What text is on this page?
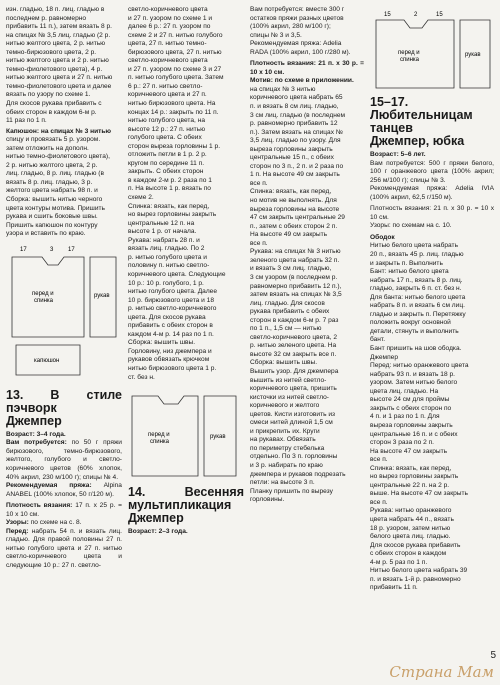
изн. гладью, 18 п. лиц. гладью в

последнем р. равномерно

прибавить 11 п.), затем вязать 8 р.

на спицах № 3,5 лиц. гладью (2 р.

нитью желтого цвета, 2 р. нитью

темно-бирюзового цвета, 2 р.

нитью желтого цвета и 2 р. нитью

темно-фиолетового цвета), 4 р.

нитью желтого цвета и 27 п. нитью

темно-фиолетового цвета и далее

вязать по узору по схеме 1.

Для скосов рукава прибавить с

обеих сторон в каждом 6-м р.

11 раз по 1 п.

Капюшон: на спицах № 3 нитью

спицу и провязать 5 р. узором.

затем отложить на дополн.

нитью темно-фиолетового цвета),

2 р. нитью желтого цвета, 2 р.

лиц. гладью, 8 р. лиц. гладью (в

вязать 8 р. лиц. гладью, 3 р.

желтого цвета набрать 98 п. и

Сборка: вышить нитью черного

цвета контуры мотива. Пришить

рукава и сшить боковые швы.

Пришить капюшон по контуру

узора и вставить по краю.

17	3 17
перед и
спинка
рукав
капюшон

13. В стиле пэчворк

Джемпер

Возраст: 3–4 года.

Вам потребуется: по 50 г пряжи бирюзового, темно-бирюзового, желтого, голубого и светло-коричневого цветов (60% хлопок, 40% акрил, 230 м/100 г); спицы № 4.

Рекомендуемая пряжа: Alpina ANABEL (100% хлопок, 50 г/120 м).

Плотность вязания: 17 п. x 25 р. = 10 x 10 см.

Узоры: по схеме на с. 8.

Перед: набрать 54 п. и вязать лиц. гладью. Для правой половины 27 п. нитью голубого цвета и 27 п. нитью светло-коричневого цвета и следующие 10 р.: 27 п. светло-

светло-коричневого цвета

и 27 п. узором по схеме 1 и

далее 6 р.: 27 п. узором по

схеме 2 и 27 п. нитью голубого

цвета, 27 п. нитью темно-

бирюзового цвета, 27 п. нитью

светло-коричневого цвета

и 27 п. узором по схеме 3 и 27

п. нитью голубого цвета. Затем

6 р.: 27 п. нитью светло-

коричневого цвета и 27 п.

нитью бирюзового цвета. На

концах 14 р.: закрыть по 11 п.

нитью голубого цвета, на

высоте 12 р.: 27 п. нитью

голубого цвета. С обеих

сторон выреза горловины 1 р.

отложить петли в 1 р. 2 р.

кругом по середине 11 п.

закрыть. С обеих сторон

в каждом 2-м р. 2 раза по 1

п. На высоте 1 р. вязать по

схеме 2.

Спинка: вязать, как перед,

но вырез горловины закрыть

центральные 12 п. на

высоте 1 р. от начала.

Рукава: набрать 28 п. и

вязать лиц. гладью. По 2

р. нитью голубого цвета и

половину п. нитью светло-

коричневого цвета. Следующие

10 р.: 10 р. голубого, 1 р.

нитью голубого цвета. Далее

10 р. бирюзового цвета и 18

р. нитью светло-коричневого

цвета. Для скосов рукава

прибавить с обеих сторон в

каждом 4-м р. 14 раз по 1 п.

Сборка: вышить швы.

Горловину, низ джемпера и

рукавов обвязать крючком

нитью бирюзового цвета 1 р.

ст. без н.

перед и
спинка
рукав

14. Весенняя мультипликация

Джемпер

Возраст: 2–3 года.

Вам потребуется: вместе 300 г

остатков пряжи разных цветов

(100% акрил, 280 м/100 г);

спицы № 3 и 3,5.

Рекомендуемая пряжа: Adelia

RADA (100% акрил, 100 г/280 м).

Плотность вязания: 21 п. x 30 р. = 10 x 10 см.

Мотив: по схеме в приложении.

на спицах № 3 нитью

коричневого цвета набрать 65

п. и вязать 8 см лиц. гладью,

3 см лиц. гладью (в последнем

р. равномерно прибавить 12

п.). Затем вязать на спицах №

3,5 лиц. гладью по узору. Для

выреза горловины закрыть

центральные 15 п., с обеих

сторон по 3 п., 2 п. и 2 раза по

1 п. На высоте 49 см закрыть

все п.

Спинка: вязать, как перед,

но мотив не выполнять. Для

выреза горловины на высоте

47 см закрыть центральные 29

п., затем с обеих сторон 2 п.

На высоте 49 см закрыть

все п.

Рукава: на спицах № 3 нитью

зеленого цвета набрать 32 п.

и вязать 3 см лиц. гладью,

3 см узором (в последнем р.

равномерно прибавить 12 п.),

затем вязать на спицах № 3,5

лиц. гладью. Для скосов

рукава прибавить с обеих

сторон в каждом 6-м р. 7 раз

по 1 п., 1,5 см — нитью

светло-коричневого цвета, 2

р. нитью зеленого цвета. На

высоте 32 см закрыть все п.

Сборка: вышить швы.

Вышить узор. Для джемпера

вышить из нитей светло-

коричневого цвета, пришить

кисточки из нитей светло-

коричневого и желтого

цветов. Кисти изготовить из

смеси нитей длиной 1,5 см

и прикрепить их. Круги

на рукавах. Обвязать

по периметру стебелька

отдельно. По 3 п. горловины

и 3 р. набирать по краю

джемпера и рукавов подрезать

петли: на высоте 3 п.

Планку пришить по вырезу

горловины.

15	2	15
перед и
спинка
рукав

15–17. Любительницам танцев

Джемпер, юбка

Возраст: 5–6 лет.

Вам потребуется: 500 г пряжи белого, 100 г оранжевого цвета (100% акрил; 256 м/100 г); спицы № 3.

Рекомендуемая пряжа: Adelia IVIA (100% акрил, 62,5 г/150 м).

Плотность вязания: 21 п. x 30 р. = 10 x 10 см.

Узоры: по схемам на с. 10.

Ободок

Нитью белого цвета набрать

20 п., вязать 45 р. лиц. гладью

и закрыть п. Выполнить

Бант: нитью белого цвета

набрать 17 п., вязать 8 р. лиц.

гладью, закрыть 6 п. ст. без н.

Для банта: нитью белого цвета

набрать 8 п. и вязать 6 см лиц.

гладью и закрыть п. Перетяжку

положить вокруг основной

детали, стянуть и выполнить

бант.

Бант пришить на шов ободка.

Джемпер

Перед: нитью оранжевого цвета

набрать 93 п. и вязать 18 р.

узором. Затем нитью белого

цвета лиц. гладью. На

высоте 24 см для проймы

закрыть с обеих сторон по

4 п. и 1 раз по 1 п. Для

выреза горловины закрыть

центральные 16 п. и с обеих

сторон 3 раза по 2 п.

На высоте 47 см закрыть

все п.

Спинка: вязать, как перед,

но вырез горловины закрыть

центральные 22 п. на 2 р.

выше. На высоте 47 см закрыть

все п.

Рукава: нитью оранжевого

цвета набрать 44 п., вязать

18 р. узором, затем нитью

белого цвета лиц. гладью.

Для скосов рукава прибавить

с обеих сторон в каждом

4-м р. 5 раз по 1 п.

Нитью белого цвета набрать 39

п. и вязать 1-й р. равномерно

прибавить 11 п.

5
Страна Мам
